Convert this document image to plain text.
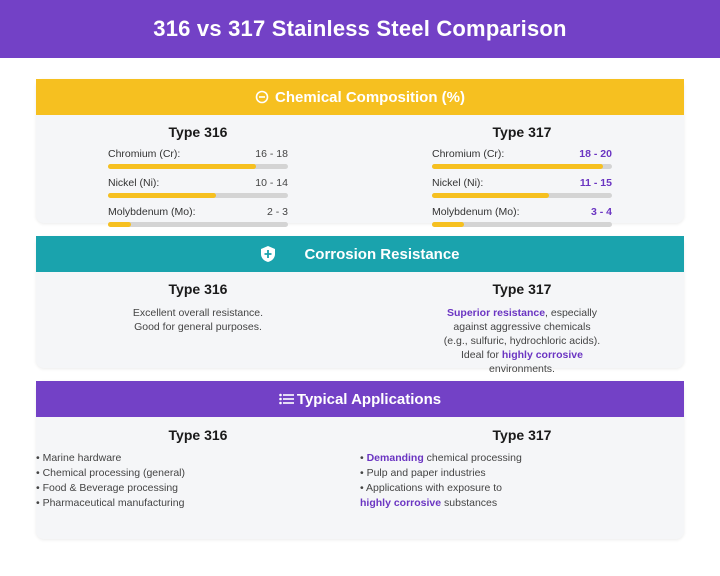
316 vs 317 Stainless Steel Comparison
Chemical Composition (%)
Type 316
Chromium (Cr):	16 - 18
Nickel (Ni):	10 - 14
Molybdenum (Mo):	2 - 3
Type 317
Chromium (Cr):	18 - 20
Nickel (Ni):	11 - 15
Molybdenum (Mo):	3 - 4
Corrosion Resistance
Type 316
Excellent overall resistance.
Good for general purposes.
Type 317
Superior resistance, especially
against aggressive chemicals
(e.g., sulfuric, hydrochloric acids).
Ideal for highly corrosive
environments.
Typical Applications
Type 316
• Marine hardware
• Chemical processing (general)
• Food & Beverage processing
• Pharmaceutical manufacturing
Type 317
• Demanding chemical processing
• Pulp and paper industries
• Applications with exposure to
highly corrosive substances
